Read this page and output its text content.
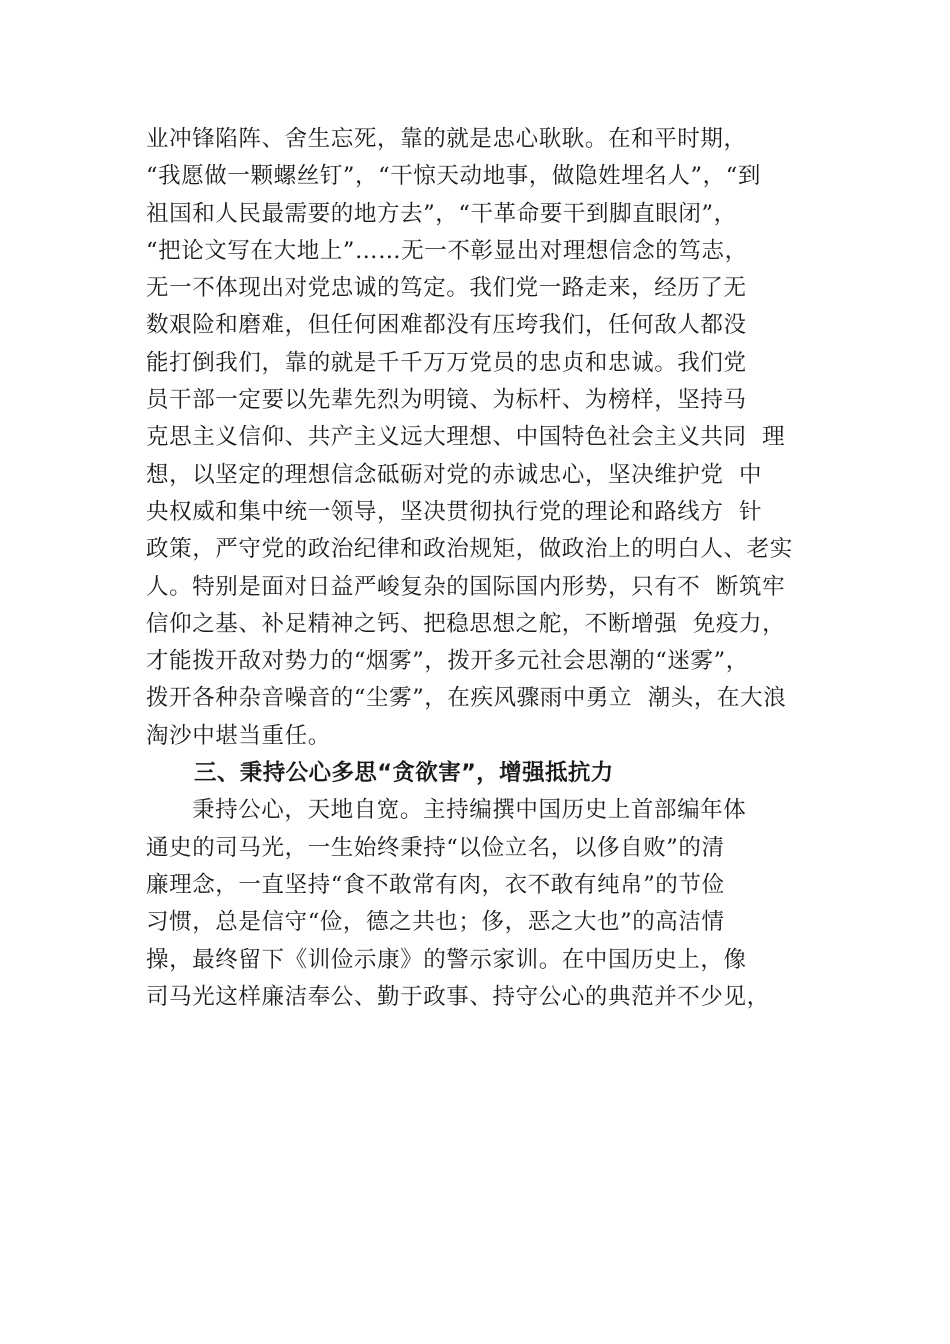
业冲锋陷阵、舍生忘死，靠的就是忠心耿耿。在和平时期，
“我愿做一颗螺丝钉”，“干惊天动地事，做隐姓埋名人”，“到
祖国和人民最需要的地方去”，“干革命要干到脚直眼闭”，
“把论文写在大地上”……无一不彰显出对理想信念的笃志，
无一不体现出对党忠诚的笃定。我们党一路走来，经历了无
数艰险和磨难，但任何困难都没有压垮我们，任何敌人都没
能打倒我们，靠的就是千千万万党员的忠贞和忠诚。我们党
员干部一定要以先辈先烈为明镜、为标杆、为榜样，坚持马
克思主义信仰、共产主义远大理想、中国特色社会主义共同  理
想，以坚定的理想信念砥砺对党的赤诚忠心，坚决维护党  中
央权威和集中统一领导，坚决贯彻执行党的理论和路线方  针
政策，严守党的政治纪律和政治规矩，做政治上的明白人、老实
人。特别是面对日益严峻复杂的国际国内形势，只有不  断筑牢
信仰之基、补足精神之钙、把稳思想之舵，不断增强  免疫力，
才能拨开敌对势力的“烟雾”，拨开多元社会思潮的“迷雾”，
拨开各种杂音噪音的“尘雾”，在疾风骤雨中勇立  潮头，在大浪
淘沙中堪当重任。
三、秉持公心多思“贪欲害”，增强抵抗力
秉持公心，天地自宽。主持编撰中国历史上首部编年体
通史的司马光，一生始终秉持“以俭立名，以侈自败”的清
廉理念，一直坚持“食不敢常有肉，衣不敢有纯帛”的节俭
习惯，总是信守“俭，德之共也；侈，恶之大也”的高洁情
操，最终留下《训俭示康》的警示家训。在中国历史上，像
司马光这样廉洁奉公、勤于政事、持守公心的典范并不少见，
